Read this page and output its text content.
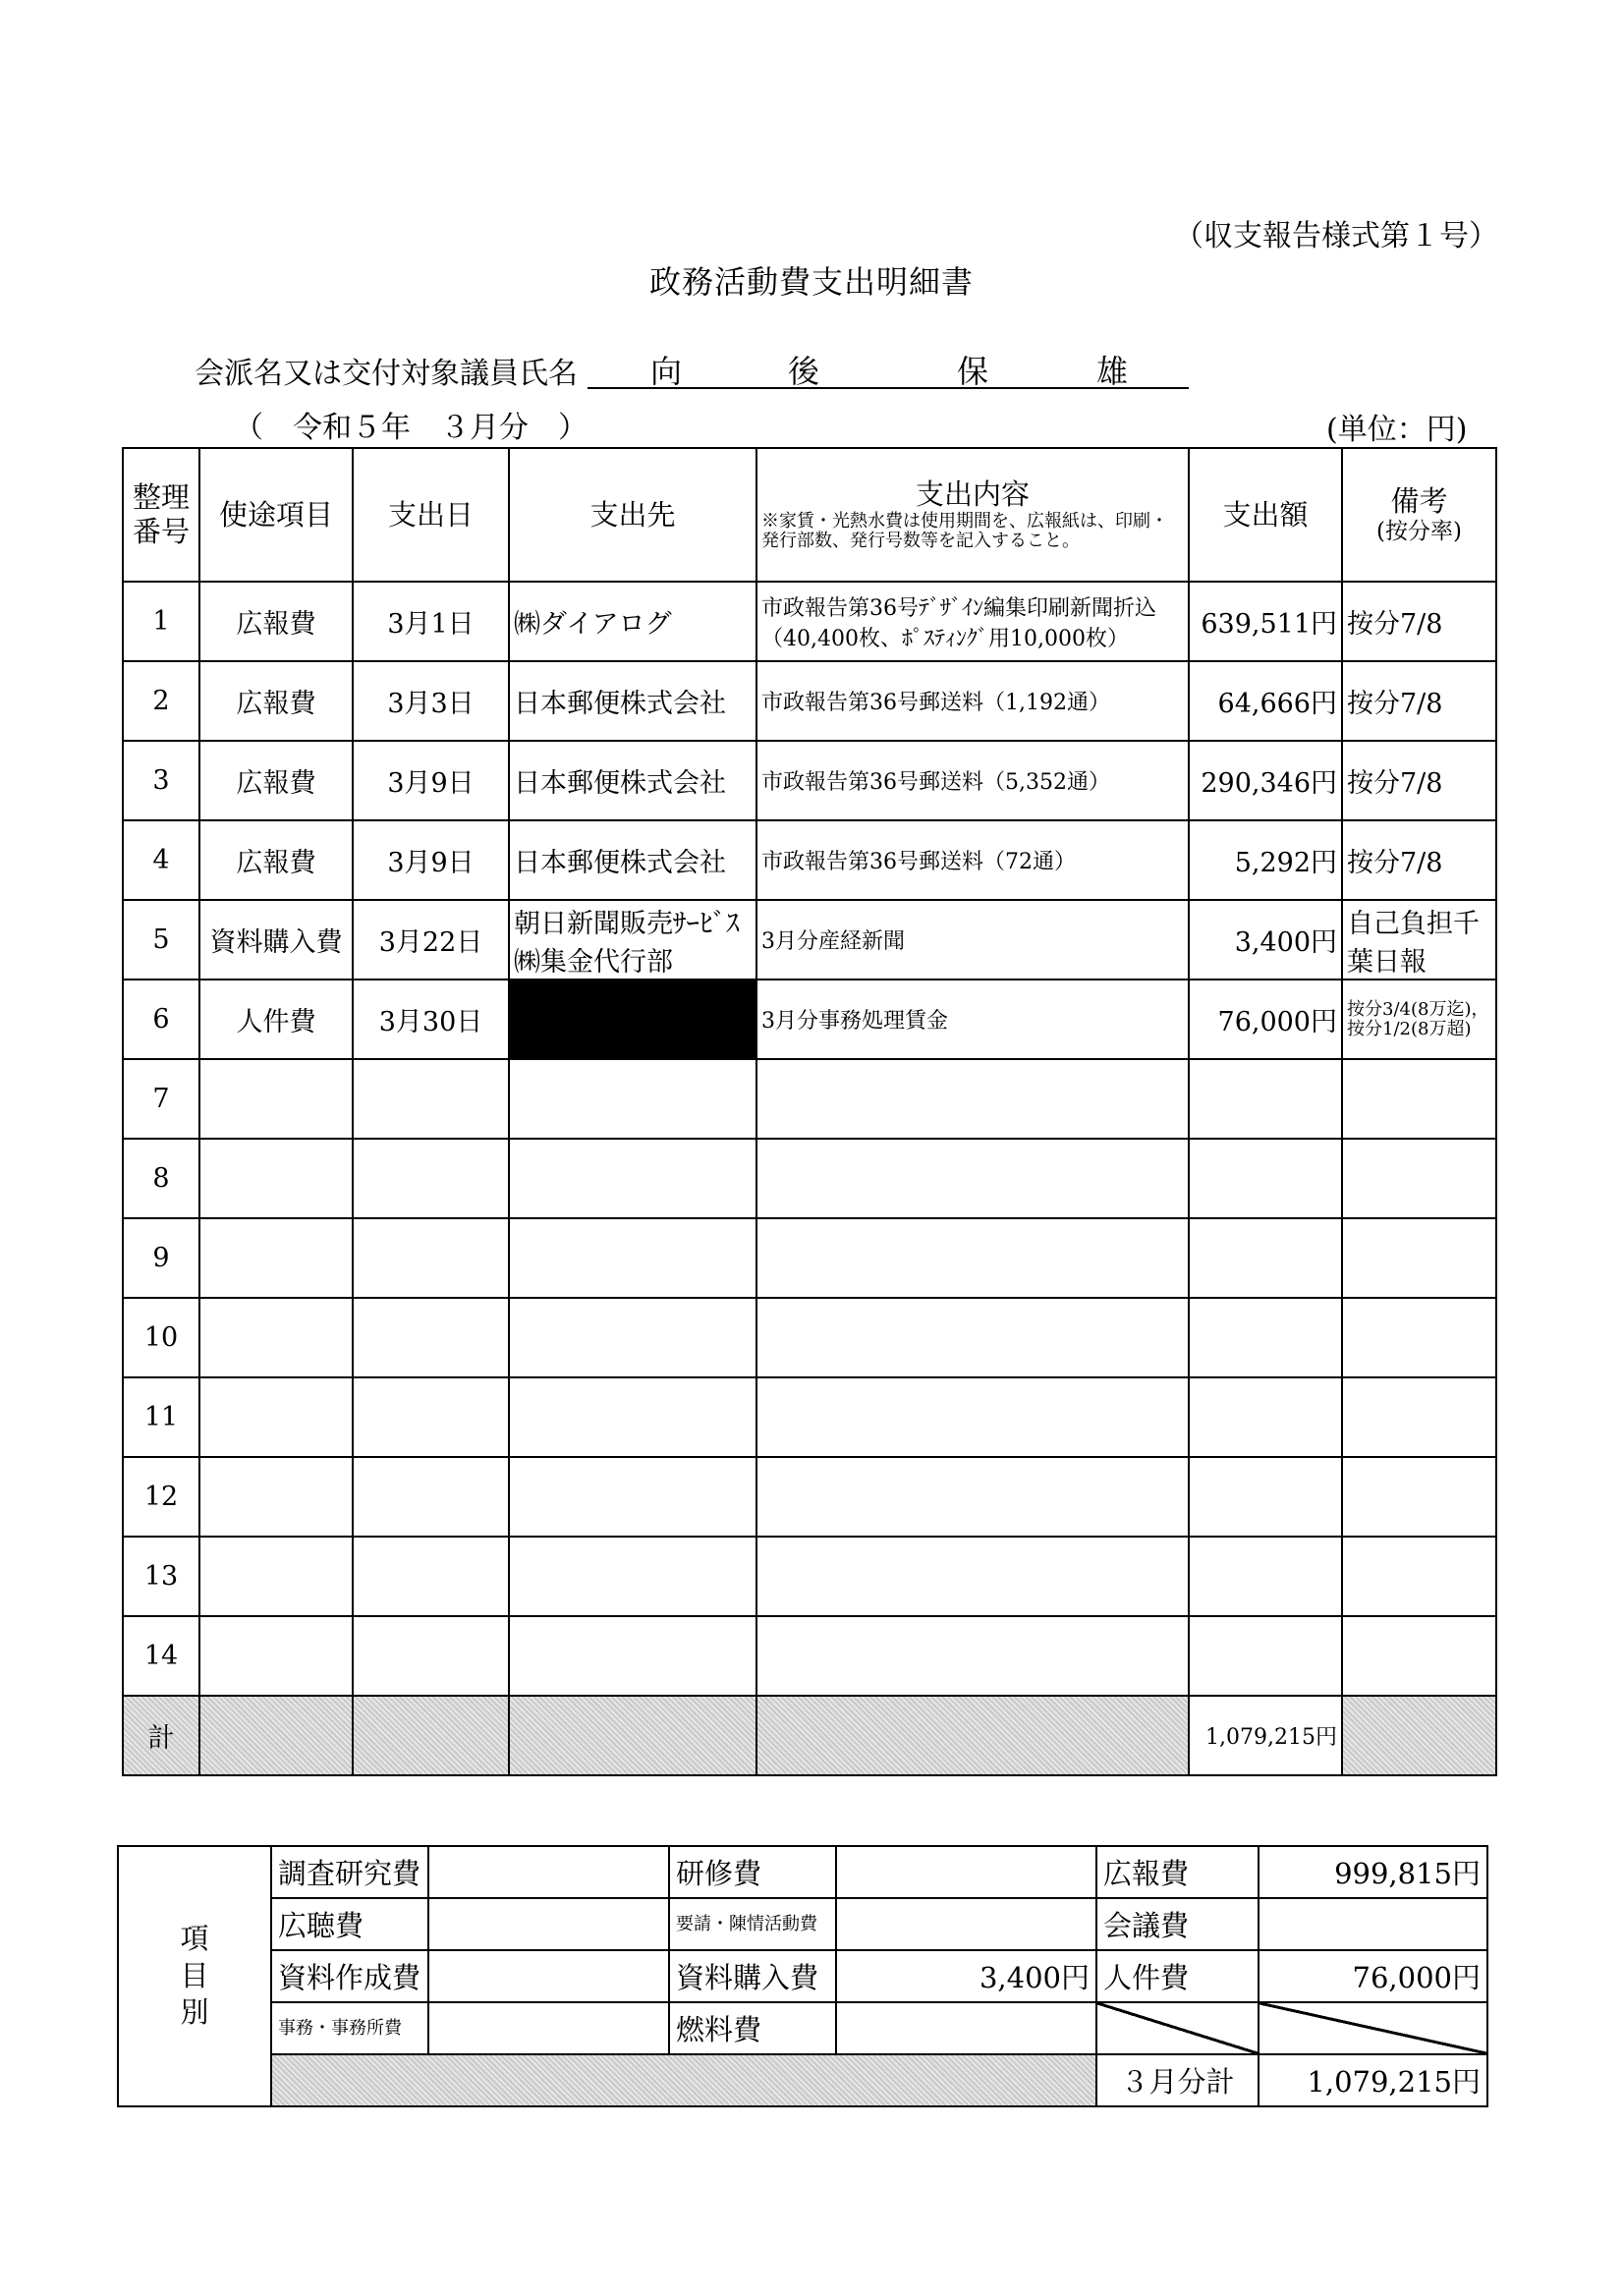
（収支報告様式第１号）
政務活動費支出明細書
会派名又は交付対象議員氏名 向	後	保	雄
（　令和５年　３月分　）	(単位：円)
整理
番号	使途項目	支出日	支出先	支出内容
※家賃・光熱水費は使用期間を、広報紙は、印刷・発行部数、発行号数等を記入すること。	支出額	備考
(按分率)

1	広報費	3月1日	㈱ダイアログ	市政報告第36号ﾃﾞｻﾞｲﾝ編集印刷新聞折込（40,400枚、ﾎﾟｽﾃｨﾝｸﾞ用10,000枚）	639,511円	按分7/8
2	広報費	3月3日	日本郵便株式会社	市政報告第36号郵送料（1,192通）	64,666円	按分7/8
3	広報費	3月9日	日本郵便株式会社	市政報告第36号郵送料（5,352通）	290,346円	按分7/8
4	広報費	3月9日	日本郵便株式会社	市政報告第36号郵送料（72通）	5,292円	按分7/8
5	資料購入費	3月22日	朝日新聞販売ｻｰﾋﾞｽ㈱集金代行部	3月分産経新聞	3,400円	自己負担千葉日報
6	人件費	3月30日		3月分事務処理賃金	76,000円	按分3/4(8万迄)，按分1/2(8万超)
7						
8						
9						
10						
11						
12						
13						
14						
計					1,079,215円	
項
目
別	調査研究費		研修費		広報費	999,815円
	広聴費		要請・陳情活動費		会議費	
	資料作成費		資料購入費	3,400円	人件費	76,000円
	事務・事務所費		燃料費			
					３月分計	1,079,215円
